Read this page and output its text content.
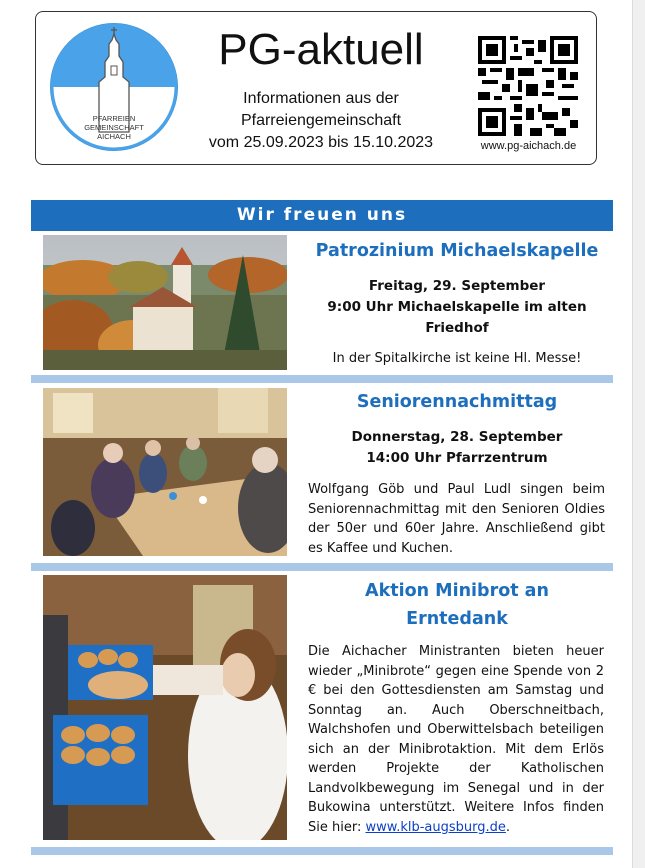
PFARREIEN
GEMEINSCHAFT
AICHACH
PG-aktuell
Informationen aus der
Pfarreiengemeinschaft
vom 25.09.2023 bis 15.10.2023	www.pg-aichach.de
Wir freuen uns
Patrozinium Michaelskapelle
Freitag, 29. September
9:00 Uhr Michaelskapelle im alten
Friedhof
In der Spitalkirche ist keine Hl. Messe!
Seniorennachmittag
Donnerstag, 28. September
14:00 Uhr Pfarrzentrum
Wolfgang Göb und Paul Ludl singen beim Seniorennachmittag mit den Senioren Oldies der 50er und 60er Jahre. Anschließend gibt es Kaffee und Kuchen.
Aktion Minibrot an
Erntedank
Die Aichacher Ministranten bieten heuer wieder „Minibrote“ gegen eine Spende von 2 € bei den Gottesdiensten am Samstag und Sonntag an. Auch Oberschneitbach, Walchshofen und Oberwittelsbach beteiligen sich an der Minibrotaktion. Mit dem Erlös werden Projekte der Katholischen Landvolkbewegung im Senegal und in der Bukowina unterstützt. Weitere Infos finden Sie hier: www.klb-augsburg.de.
